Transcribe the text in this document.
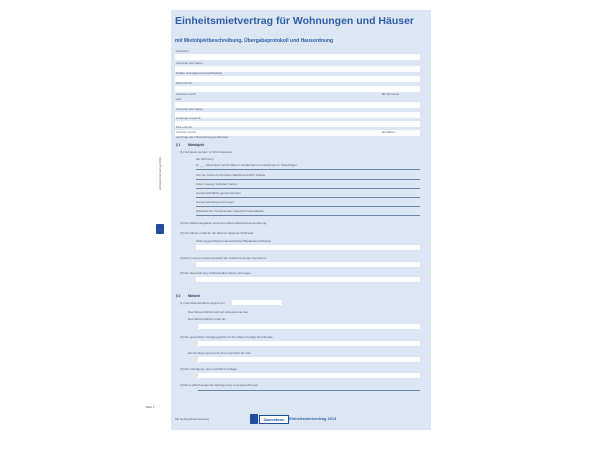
Einheitsmietvertrag für Wohnungen und Häuser
mit Mietobjektbeschreibung, Übergabeprotokoll und Hausordnung
Zwischen
Vorname und Name
Straße und Hausnummer/Postfach
PLZ und Ort
vertreten durch	- als Vermieter -
und
Vorname und Name
bisherige Anschrift
PLZ und Ort
vertreten durch	- als Mieter -
wird folgender Mietvertrag geschlossen:
§ 1 Mietobjekt
(1) Vermietet werden zu Wohnzwecken
die Wohnung
im ___ Stock links rechts Mitte im Vorderhaus im Hinterhaus im Seitenflügel
Zimmer Küche Kochnische Bad/Dusche/WC Toilette
Keller Garage Stellplatz Garten
Gemeinschaftlich genutzt werden:
Gemeinschaftseinrichtungen
Waschküche Trockenboden Speicher Fahrradkeller
(2) Die Flächenangaben sind keine Beschaffenheitsvereinbarung.
(3) Der Mieter erhält für die Mietzeit folgende Schlüssel:
Wohnungsschlüssel Hausschlüssel Briefkastenschlüssel
(4) Eine Untervermietung bedarf der Zustimmung des Vermieters.
(5) Die Hausordnung ist Bestandteil dieses Vertrages.
§ 2 Mietzeit
(1) Das Mietverhältnis beginnt am
Das Mietverhältnis läuft auf unbestimmte Zeit.
Das Mietverhältnis endet am
(2) Die gesetzliche Kündigungsfrist für den Mieter beträgt drei Monate.
Ein Kündigungsverzicht wird vereinbart bis zum
(3) Die Kündigung muss schriftlich erfolgen.
(4) Eine stillschweigende Verlängerung ist ausgeschlossen.
Einheitsmietvertrag 2013
Blatt 1
Mit Gebrauchsanweisung	Zweckform	Einheitsmietvertrag 2013
